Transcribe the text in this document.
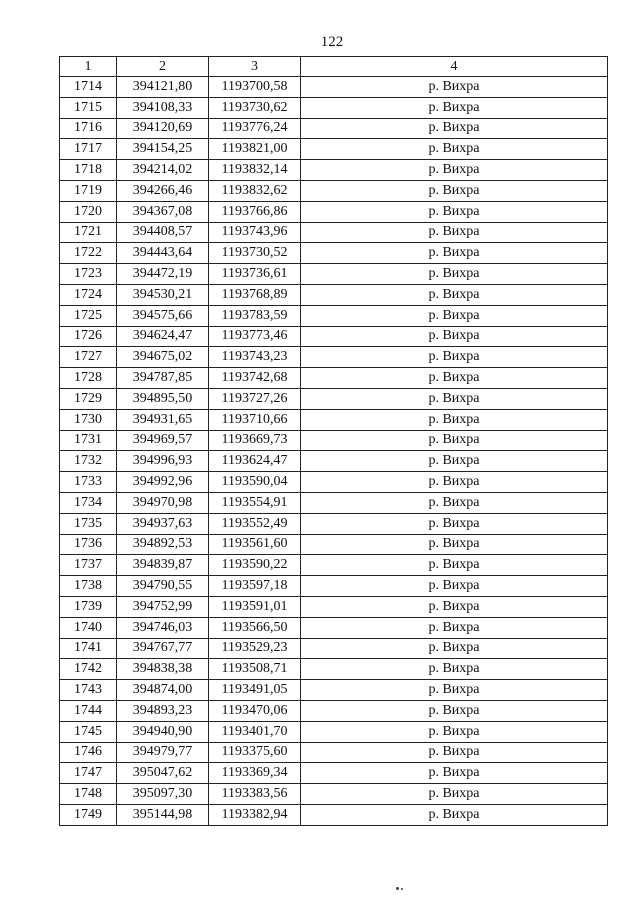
122
1	2	3	4
1714	394121,80	1193700,58	р. Вихра
1715	394108,33	1193730,62	р. Вихра
1716	394120,69	1193776,24	р. Вихра
1717	394154,25	1193821,00	р. Вихра
1718	394214,02	1193832,14	р. Вихра
1719	394266,46	1193832,62	р. Вихра
1720	394367,08	1193766,86	р. Вихра
1721	394408,57	1193743,96	р. Вихра
1722	394443,64	1193730,52	р. Вихра
1723	394472,19	1193736,61	р. Вихра
1724	394530,21	1193768,89	р. Вихра
1725	394575,66	1193783,59	р. Вихра
1726	394624,47	1193773,46	р. Вихра
1727	394675,02	1193743,23	р. Вихра
1728	394787,85	1193742,68	р. Вихра
1729	394895,50	1193727,26	р. Вихра
1730	394931,65	1193710,66	р. Вихра
1731	394969,57	1193669,73	р. Вихра
1732	394996,93	1193624,47	р. Вихра
1733	394992,96	1193590,04	р. Вихра
1734	394970,98	1193554,91	р. Вихра
1735	394937,63	1193552,49	р. Вихра
1736	394892,53	1193561,60	р. Вихра
1737	394839,87	1193590,22	р. Вихра
1738	394790,55	1193597,18	р. Вихра
1739	394752,99	1193591,01	р. Вихра
1740	394746,03	1193566,50	р. Вихра
1741	394767,77	1193529,23	р. Вихра
1742	394838,38	1193508,71	р. Вихра
1743	394874,00	1193491,05	р. Вихра
1744	394893,23	1193470,06	р. Вихра
1745	394940,90	1193401,70	р. Вихра
1746	394979,77	1193375,60	р. Вихра
1747	395047,62	1193369,34	р. Вихра
1748	395097,30	1193383,56	р. Вихра
1749	395144,98	1193382,94	р. Вихра
